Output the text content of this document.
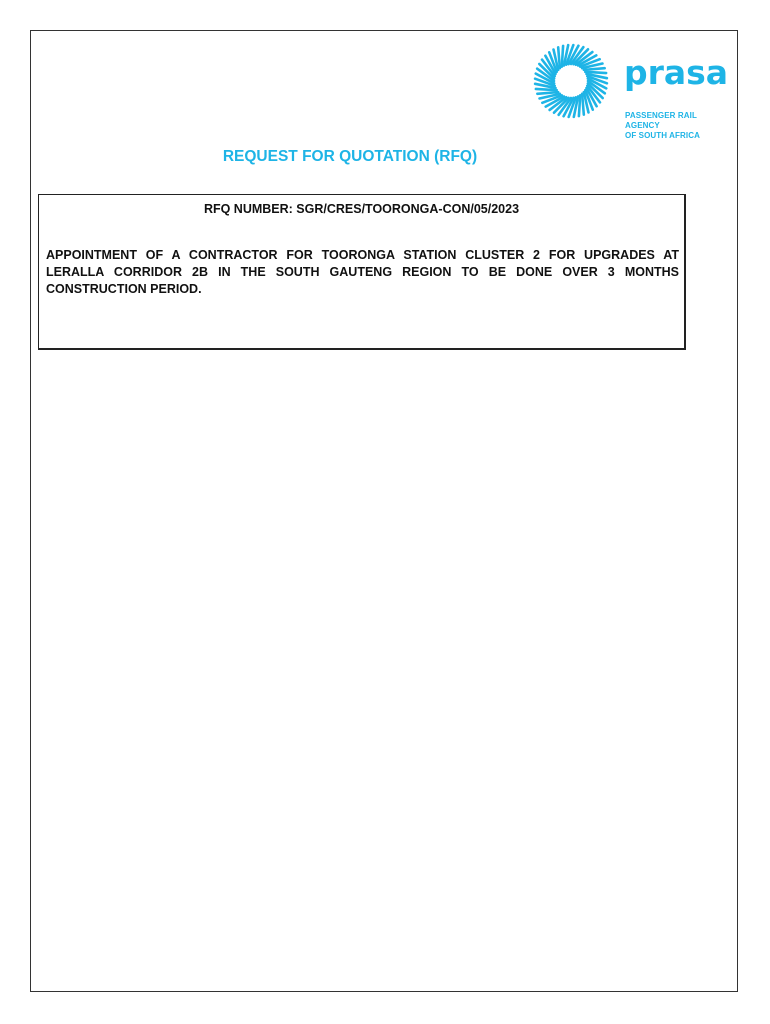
prasa
PASSENGER RAIL AGENCY
OF SOUTH AFRICA
REQUEST FOR QUOTATION (RFQ)
RFQ NUMBER: SGR/CRES/TOORONGA-CON/05/2023

APPOINTMENT OF A CONTRACTOR FOR TOORONGA STATION CLUSTER 2 FOR UPGRADES AT LERALLA CORRIDOR 2B IN THE SOUTH GAUTENG REGION TO BE DONE OVER 3 MONTHS CONSTRUCTION PERIOD.
